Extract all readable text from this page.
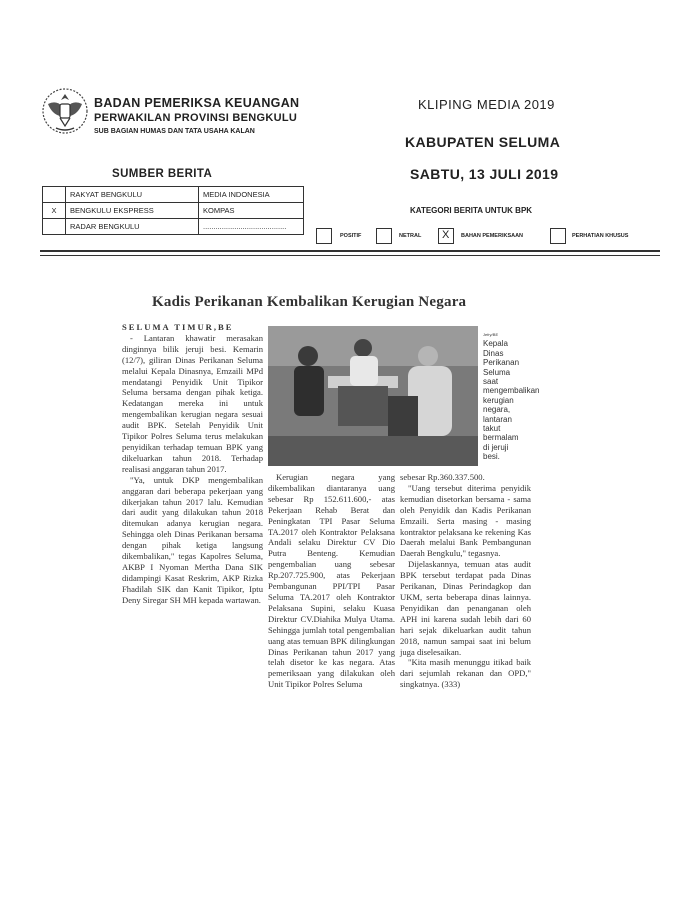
BADAN PEMERIKSA KEUANGAN
PERWAKILAN PROVINSI BENGKULU
SUB BAGIAN HUMAS DAN TATA USAHA KALAN
KLIPING MEDIA 2019
KABUPATEN SELUMA
SABTU, 13 JULI 2019
SUMBER BERITA
	RAKYAT BENGKULU	MEDIA INDONESIA
X	BENGKULU EKSPRESS	KOMPAS
	RADAR BENGKULU	........................................
KATEGORI BERITA UNTUK BPK
POSITIF	NETRAL X BAHAN PEMERIKSAAN	PERHATIAN KHUSUS
Kadis Perikanan Kembalikan Kerugian Negara

SELUMA TIMUR,BE

- Lantaran khawatir merasakan dinginnya bilik jeruji besi. Kemarin (12/7), giliran Dinas Perikanan Seluma melalui Kepala Dinasnya, Emzaili MPd mendatangi Penyidik Unit Tipikor Seluma bersama dengan pihak ketiga. Kedatangan mereka ini untuk mengembalikan kerugian negara sesuai audit BPK. Setelah Penyidik Unit Tipikor Polres Seluma terus melakukan penyidikan terhadap temuan BPK yang dikeluarkan tahun 2018. Terhadap realisasi anggaran tahun 2017.

"Ya, untuk DKP mengembalikan anggaran dari beberapa pekerjaan yang dikerjakan tahun 2017 lalu. Kemudian dari audit yang dilakukan tahun 2018 ditemukan adanya kerugian negara. Sehingga oleh Dinas Perikanan bersama dengan pihak ketiga langsung dikembalikan," tegas Kapolres Seluma, AKBP I Nyoman Mertha Dana SIK didampingi Kasat Reskrim, AKP Rizka Fhadilah SIK dan Kanit Tipikor, Iptu Deny Siregar SH MH kepada wartawan.

Jefry/BE
Kepala Dinas Perikanan Seluma saat mengembalikan kerugian negara, lantaran takut bermalam di jeruji besi.

Kerugian negara yang dikembalikan diantaranya uang sebesar Rp 152.611.600,- atas Pekerjaan Rehab Berat dan Peningkatan TPI Pasar Seluma TA.2017 oleh Kontraktor Pelaksana Andali selaku Direktur CV Dio Putra Benteng. Kemudian pengembalian uang sebesar Rp.207.725.900, atas Pekerjaan Pembangunan PPI/TPI Pasar Seluma TA.2017 oleh Kontraktor Pelaksana Supini, selaku Kuasa Direktur CV.Diahika Mulya Utama. Sehingga jumlah total pengembalian uang atas temuan BPK dilingkungan Dinas Perikanan tahun 2017 yang telah disetor ke kas negara. Atas pemeriksaan yang dilakukan oleh Unit Tipikor Polres Seluma

sebesar Rp.360.337.500.

"Uang tersebut diterima penyidik kemudian disetorkan bersama - sama oleh Penyidik dan Kadis Perikanan Emzaili. Serta masing - masing kontraktor pelaksana ke rekening Kas Daerah melalui Bank Pembangunan Daerah Bengkulu," tegasnya.

Dijelaskannya, temuan atas audit BPK tersebut terdapat pada Dinas Perikanan, Dinas Perindagkop dan UKM, serta beberapa dinas lainnya. Penyidikan dan penanganan oleh APH ini karena sudah lebih dari 60 hari sejak dikeluarkan audit tahun 2018, namun sampai saat ini belum juga diselesaikan.

"Kita masih menunggu itikad baik dari sejumlah rekanan dan OPD," singkatnya. (333)
